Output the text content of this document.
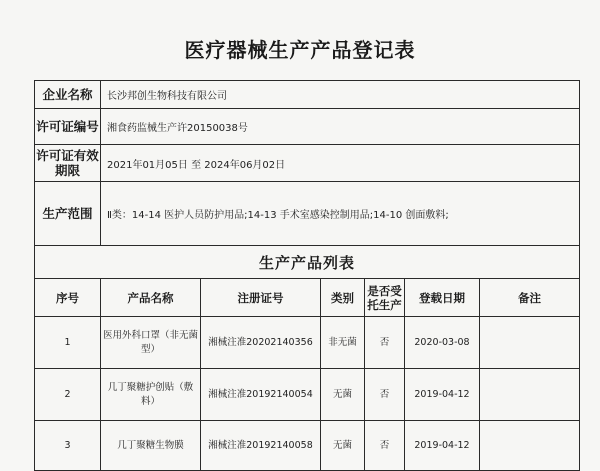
医疗器械生产产品登记表
企业名称	长沙邦创生物科技有限公司					
许可证编号	湘食药监械生产许20150038号					
许可证有效期限	2021年01月05日 至 2024年06月02日					
生产范围	Ⅱ类：14-14 医护人员防护用品;14-13 手术室感染控制用品;14-10 创面敷料;					
生产产品列表						
序号	产品名称	注册证号	类别	是否受托生产	登载日期	备注
1	医用外科口罩（非无菌型）	湘械注准20202140356	非无菌	否	2020-03-08	
2	几丁聚糖护创贴（敷料）	湘械注准20192140054	无菌	否	2019-04-12	
3	几丁聚糖生物膜	湘械注准20192140058	无菌	否	2019-04-12	
